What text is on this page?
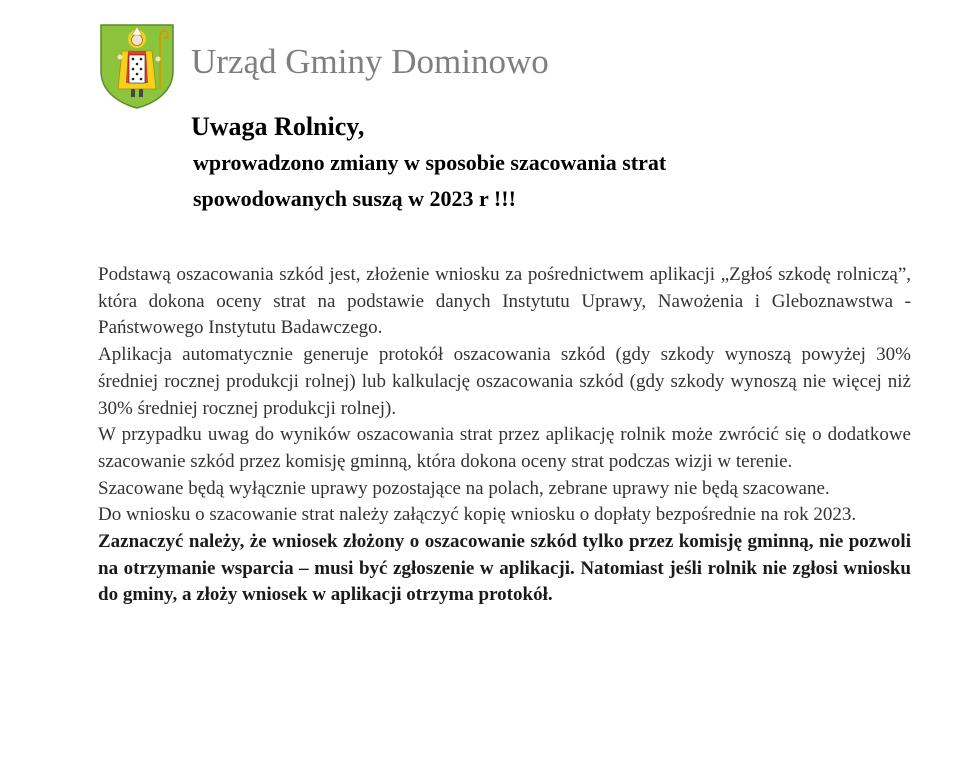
Urząd Gminy Dominowo
Uwaga Rolnicy,
wprowadzono zmiany w sposobie szacowania strat
spowodowanych suszą w 2023 r !!!

Podstawą oszacowania szkód jest, złożenie wniosku za pośrednictwem aplikacji „Zgłoś szkodę rolniczą”, która dokona oceny strat na podstawie danych Instytutu Uprawy, Nawożenia i Gleboznawstwa - Państwowego Instytutu Badawczego.

Aplikacja automatycznie generuje protokół oszacowania szkód (gdy szkody wynoszą powyżej 30% średniej rocznej produkcji rolnej) lub kalkulację oszacowania szkód (gdy szkody wynoszą nie więcej niż 30% średniej rocznej produkcji rolnej).

W przypadku uwag do wyników oszacowania strat przez aplikację rolnik może zwrócić się o dodatkowe szacowanie szkód przez komisję gminną, która dokona oceny strat podczas wizji w terenie.

Szacowane będą wyłącznie uprawy pozostające na polach, zebrane uprawy nie będą szacowane.

Do wniosku o szacowanie strat należy załączyć kopię wniosku o dopłaty bezpośrednie na rok 2023.

Zaznaczyć należy, że wniosek złożony o oszacowanie szkód tylko przez komisję gminną, nie pozwoli na otrzymanie wsparcia – musi być zgłoszenie w aplikacji. Natomiast jeśli rolnik nie zgłosi wniosku do gminy, a złoży wniosek w aplikacji otrzyma protokół.
